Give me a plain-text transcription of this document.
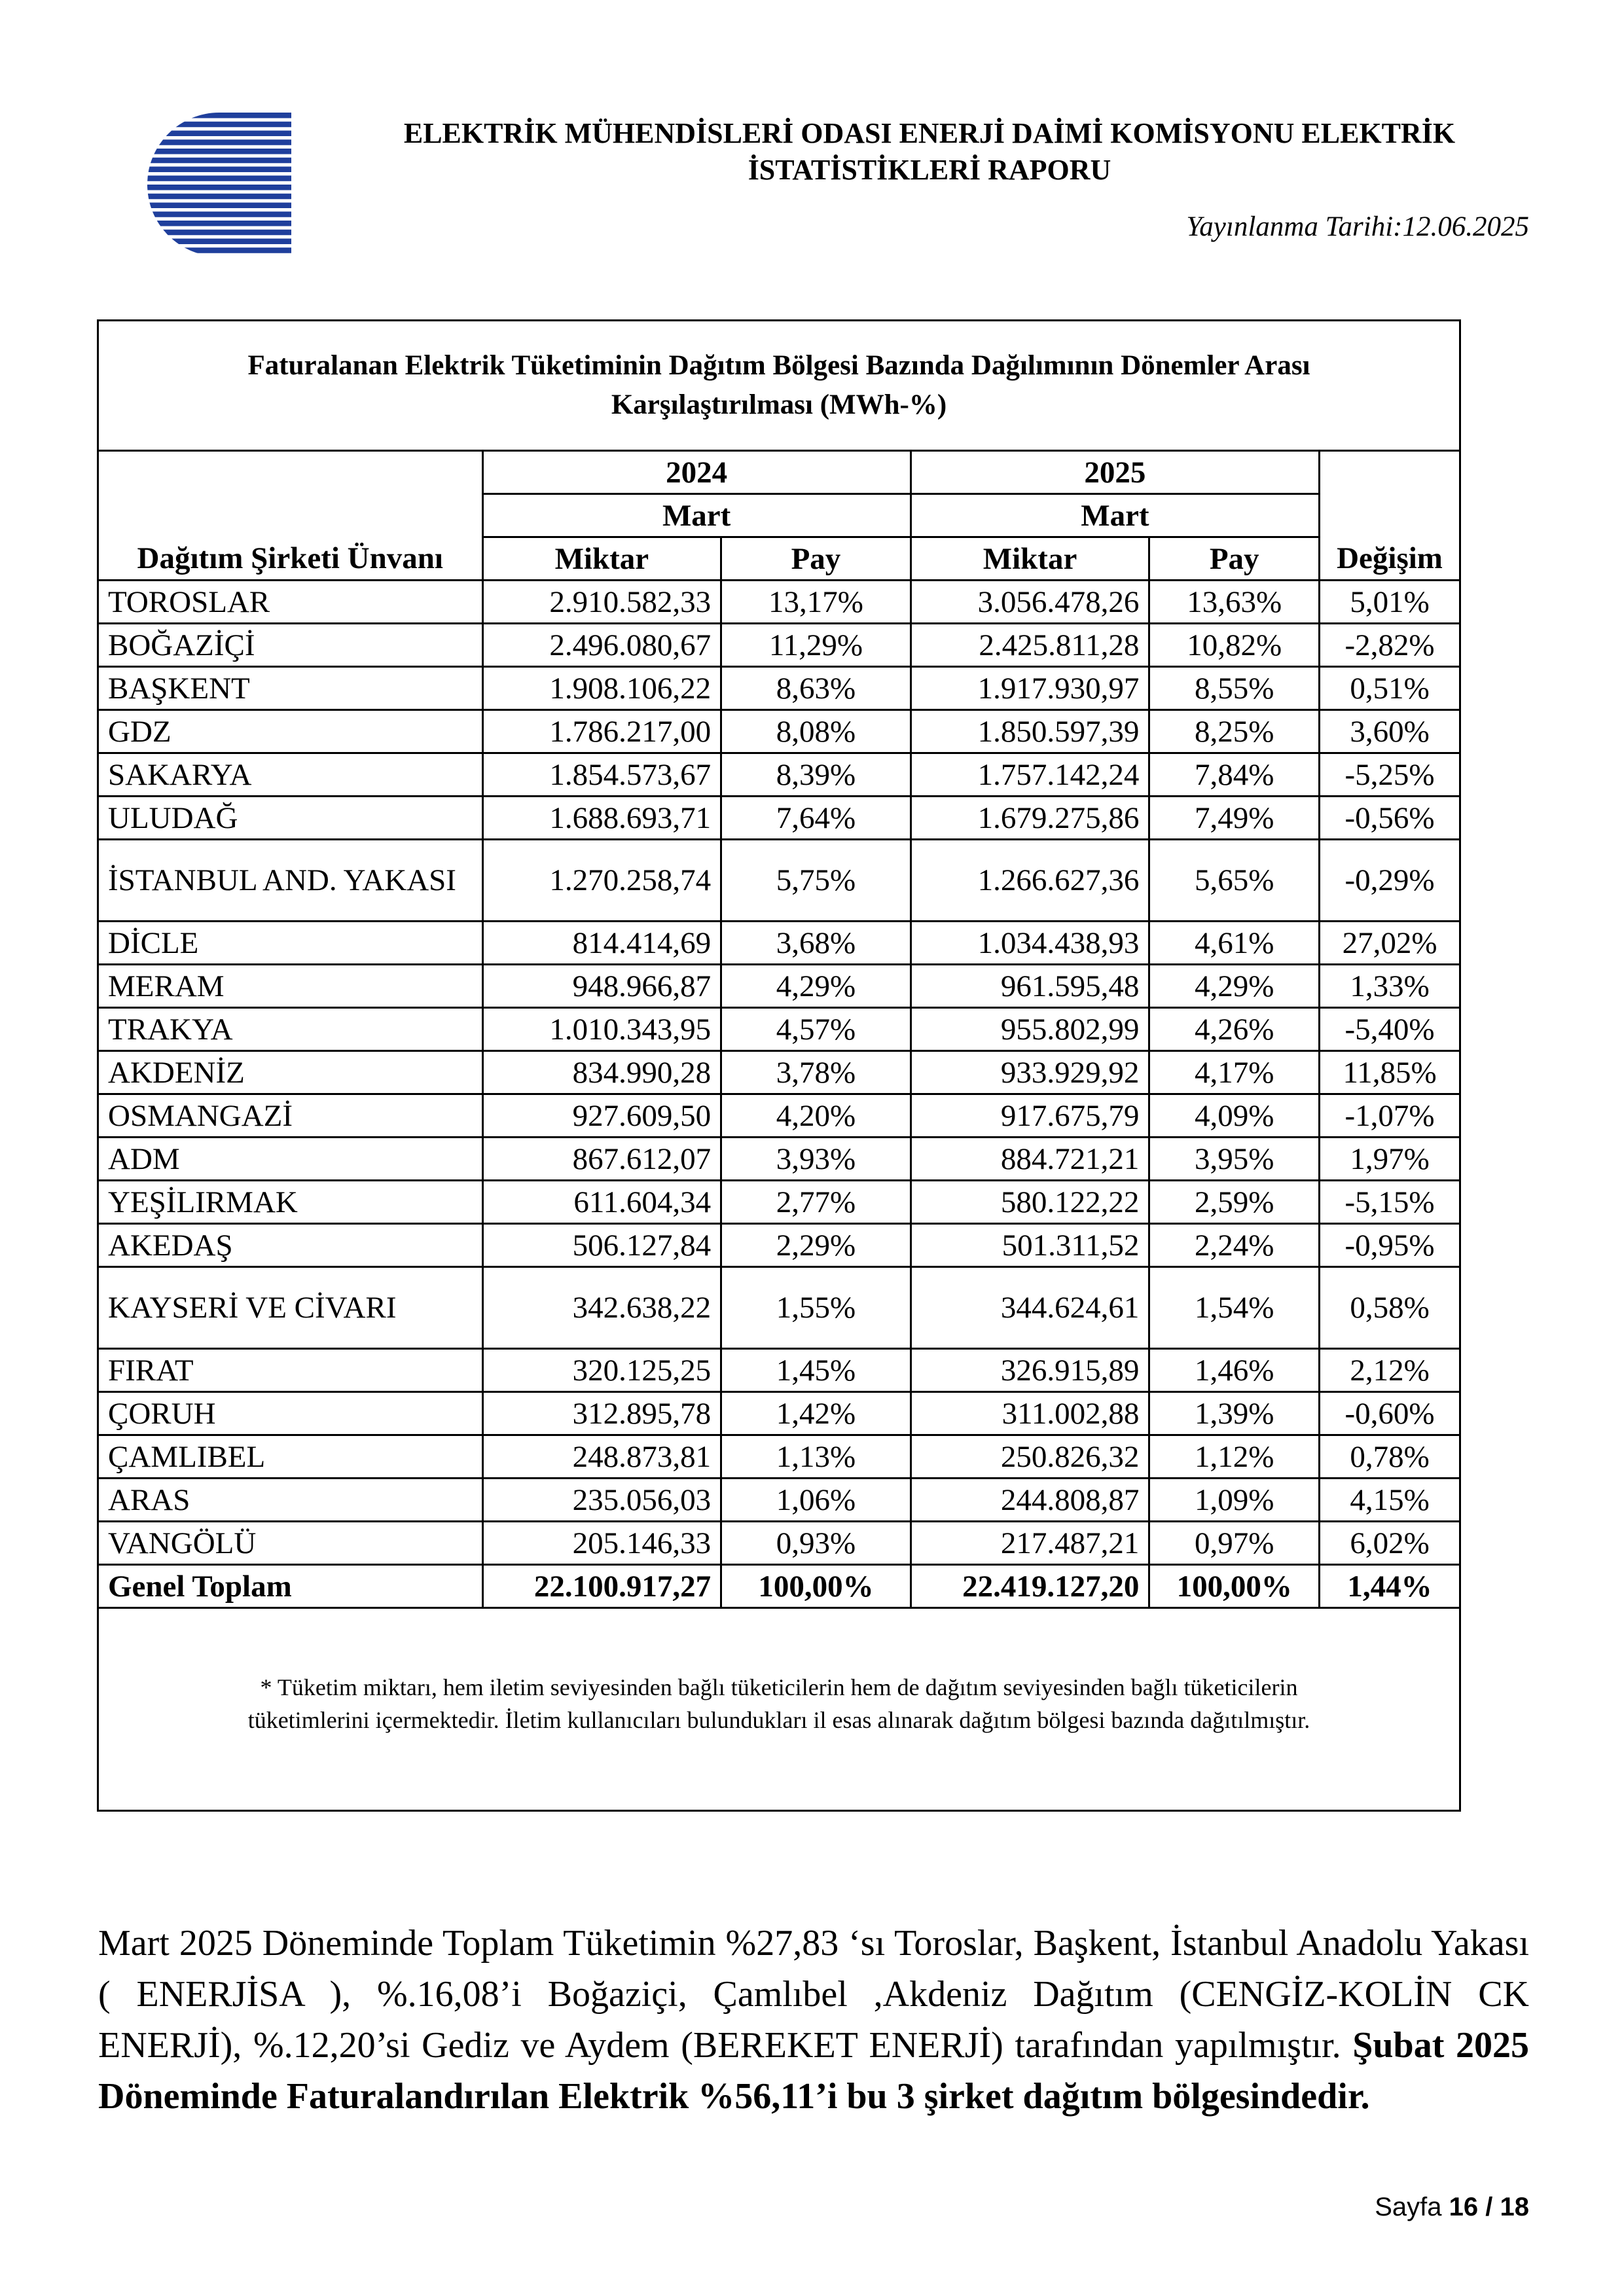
ELEKTRİK MÜHENDİSLERİ ODASI ENERJİ DAİMİ KOMİSYONU ELEKTRİK
İSTATİSTİKLERİ RAPORU
Yayınlanma Tarihi:12.06.2025
Faturalanan Elektrik Tüketiminin Dağıtım Bölgesi Bazında Dağılımının Dönemler Arası
Karşılaştırılması (MWh-%)
	2024		2025		
	Mart		Mart		
Dağıtım Şirketi Ünvanı	Miktar	Pay	Miktar	Pay	Değişim
TOROSLAR	2.910.582,33	13,17%	3.056.478,26	13,63%	5,01%
BOĞAZİÇİ	2.496.080,67	11,29%	2.425.811,28	10,82%	-2,82%
BAŞKENT	1.908.106,22	8,63%	1.917.930,97	8,55%	0,51%
GDZ	1.786.217,00	8,08%	1.850.597,39	8,25%	3,60%
SAKARYA	1.854.573,67	8,39%	1.757.142,24	7,84%	-5,25%
ULUDAĞ	1.688.693,71	7,64%	1.679.275,86	7,49%	-0,56%
İSTANBUL AND. YAKASI	1.270.258,74	5,75%	1.266.627,36	5,65%	-0,29%
DİCLE	814.414,69	3,68%	1.034.438,93	4,61%	27,02%
MERAM	948.966,87	4,29%	961.595,48	4,29%	1,33%
TRAKYA	1.010.343,95	4,57%	955.802,99	4,26%	-5,40%
AKDENİZ	834.990,28	3,78%	933.929,92	4,17%	11,85%
OSMANGAZİ	927.609,50	4,20%	917.675,79	4,09%	-1,07%
ADM	867.612,07	3,93%	884.721,21	3,95%	1,97%
YEŞİLIRMAK	611.604,34	2,77%	580.122,22	2,59%	-5,15%
AKEDAŞ	506.127,84	2,29%	501.311,52	2,24%	-0,95%
KAYSERİ VE CİVARI	342.638,22	1,55%	344.624,61	1,54%	0,58%
FIRAT	320.125,25	1,45%	326.915,89	1,46%	2,12%
ÇORUH	312.895,78	1,42%	311.002,88	1,39%	-0,60%
ÇAMLIBEL	248.873,81	1,13%	250.826,32	1,12%	0,78%
ARAS	235.056,03	1,06%	244.808,87	1,09%	4,15%
VANGÖLÜ	205.146,33	0,93%	217.487,21	0,97%	6,02%
Genel Toplam	22.100.917,27	100,00%	22.419.127,20	100,00%	1,44%
* Tüketim miktarı, hem iletim seviyesinden bağlı tüketicilerin hem de dağıtım seviyesinden bağlı tüketicilerin
tüketimlerini içermektedir. İletim kullanıcıları bulundukları il esas alınarak dağıtım bölgesi bazında dağıtılmıştır.
Mart 2025 Döneminde Toplam Tüketimin %27,83 ‘sı Toroslar, Başkent, İstanbul Anadolu Yakası ( ENERJİSA ), %.16,08’i Boğaziçi, Çamlıbel ,Akdeniz Dağıtım (CENGİZ-KOLİN CK ENERJİ), %.12,20’si Gediz ve Aydem (BEREKET ENERJİ) tarafından yapılmıştır. Şubat 2025 Döneminde Faturalandırılan Elektrik %56,11’i bu 3 şirket dağıtım bölgesindedir.
Sayfa 16 / 18
